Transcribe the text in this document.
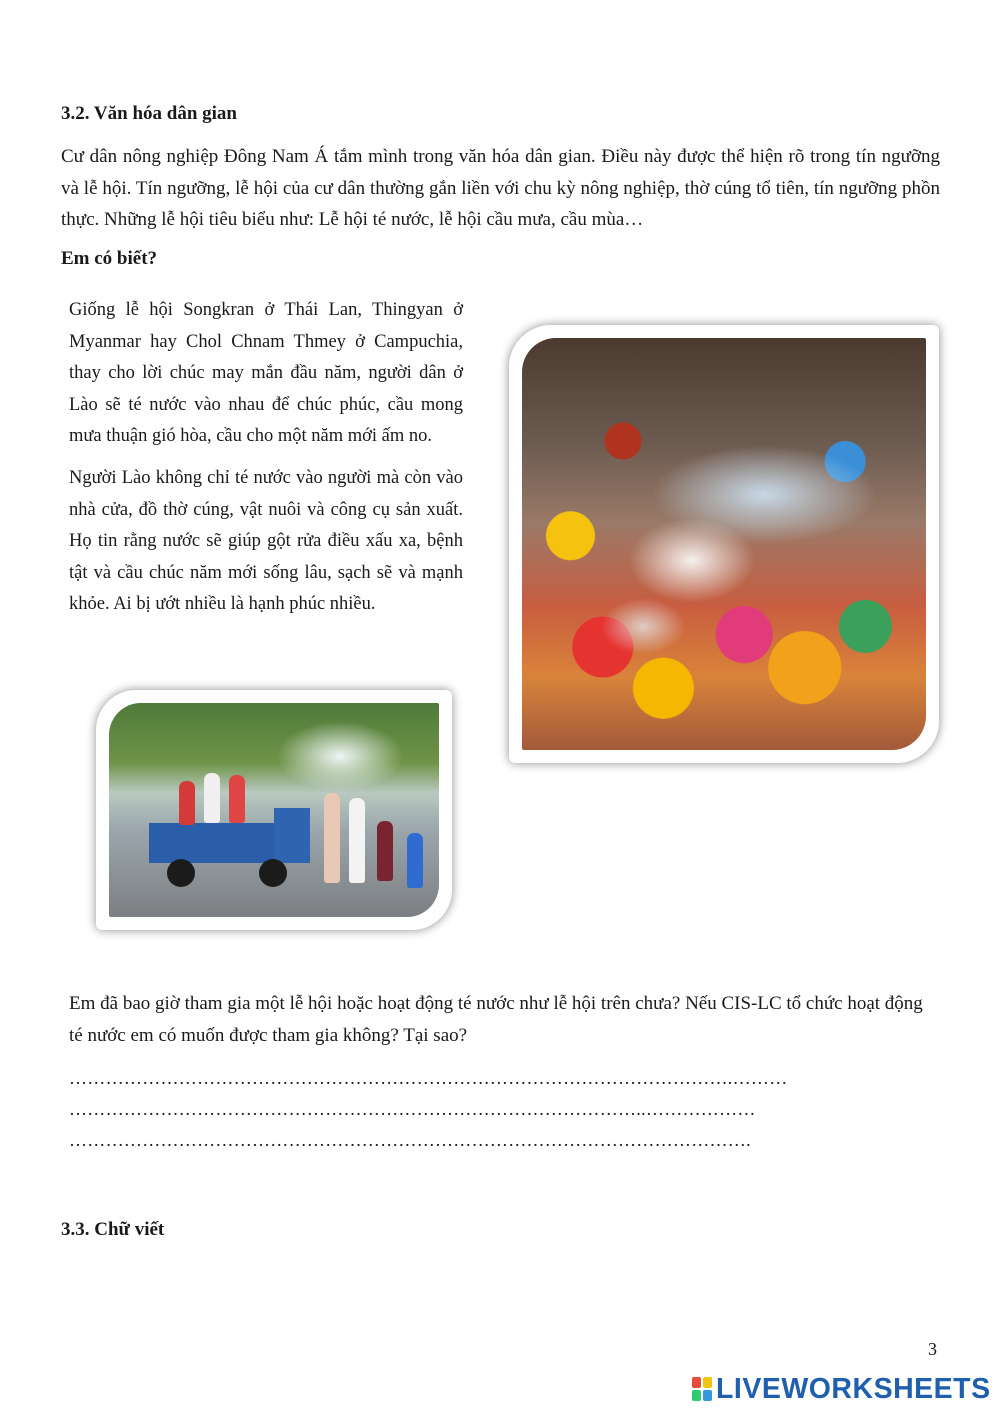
3.2. Văn hóa dân gian
Cư dân nông nghiệp Đông Nam Á tắm mình trong văn hóa dân gian. Điều này được thể hiện rõ trong tín ngưỡng và lễ hội. Tín ngưỡng, lễ hội của cư dân thường gắn liền với chu kỳ nông nghiệp, thờ cúng tổ tiên, tín ngưỡng phồn thực. Những lễ hội tiêu biểu như: Lễ hội té nước, lễ hội cầu mưa, cầu mùa…
Em có biết?
Giống lễ hội Songkran ở Thái Lan, Thingyan ở Myanmar hay Chol Chnam Thmey ở Campuchia, thay cho lời chúc may mắn đầu năm, người dân ở Lào sẽ té nước vào nhau để chúc phúc, cầu mong mưa thuận gió hòa, cầu cho một năm mới ấm no.
Người Lào không chỉ té nước vào người mà còn vào nhà cửa, đồ thờ cúng, vật nuôi và công cụ sản xuất. Họ tin rằng nước sẽ giúp gột rửa điều xấu xa, bệnh tật và cầu chúc năm mới sống lâu, sạch sẽ và mạnh khỏe. Ai bị ướt nhiều là hạnh phúc nhiều.
Em đã bao giờ tham gia một lễ hội hoặc hoạt động té nước như lễ hội trên chưa? Nếu CIS-LC tổ chức hoạt động té nước em có muốn được tham gia không? Tại sao?
……………………………………………………………………………………………….………
…………………………………………………………………………………..………………
………………………………………………………………………………………………….
3.3. Chữ viết
3
LIVEWORKSHEETS
